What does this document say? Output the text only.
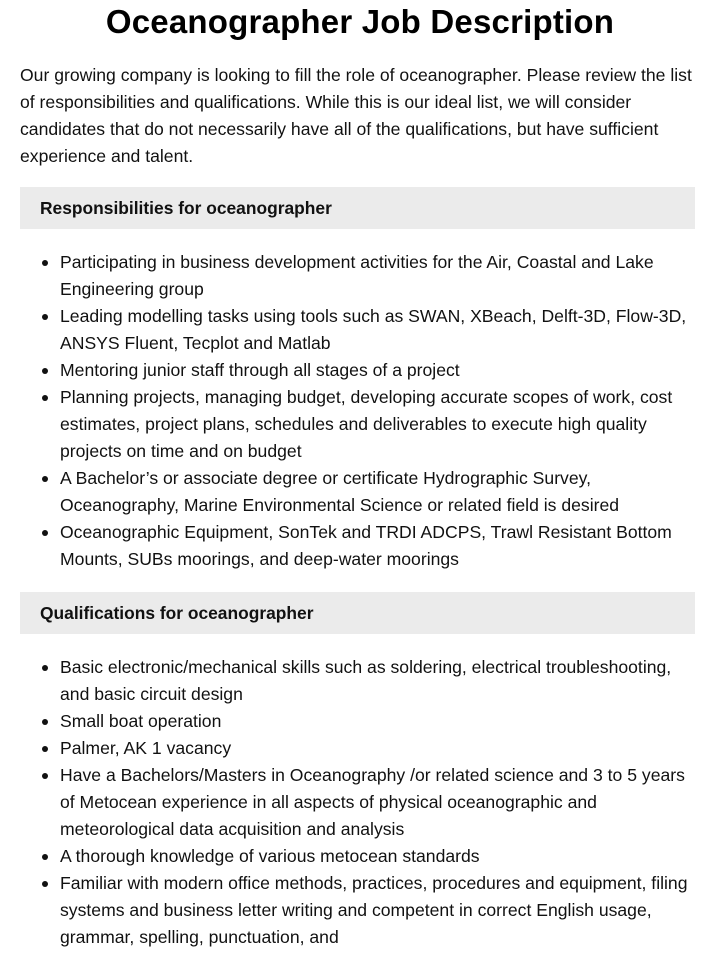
Oceanographer Job Description

Our growing company is looking to fill the role of oceanographer. Please review the list of responsibilities and qualifications. While this is our ideal list, we will consider candidates that do not necessarily have all of the qualifications, but have sufficient experience and talent.

Responsibilities for oceanographer
Participating in business development activities for the Air, Coastal and Lake Engineering group
Leading modelling tasks using tools such as SWAN, XBeach, Delft-3D, Flow-3D, ANSYS Fluent, Tecplot and Matlab
Mentoring junior staff through all stages of a project
Planning projects, managing budget, developing accurate scopes of work, cost estimates, project plans, schedules and deliverables to execute high quality projects on time and on budget
A Bachelor’s or associate degree or certificate Hydrographic Survey, Oceanography, Marine Environmental Science or related field is desired
Oceanographic Equipment, SonTek and TRDI ADCPS, Trawl Resistant Bottom Mounts, SUBs moorings, and deep-water moorings
Qualifications for oceanographer
Basic electronic/mechanical skills such as soldering, electrical troubleshooting, and basic circuit design
Small boat operation
Palmer, AK 1 vacancy
Have a Bachelors/Masters in Oceanography /or related science and 3 to 5 years of Metocean experience in all aspects of physical oceanographic and meteorological data acquisition and analysis
A thorough knowledge of various metocean standards
Familiar with modern office methods, practices, procedures and equipment, filing systems and business letter writing and competent in correct English usage, grammar, spelling, punctuation, and
